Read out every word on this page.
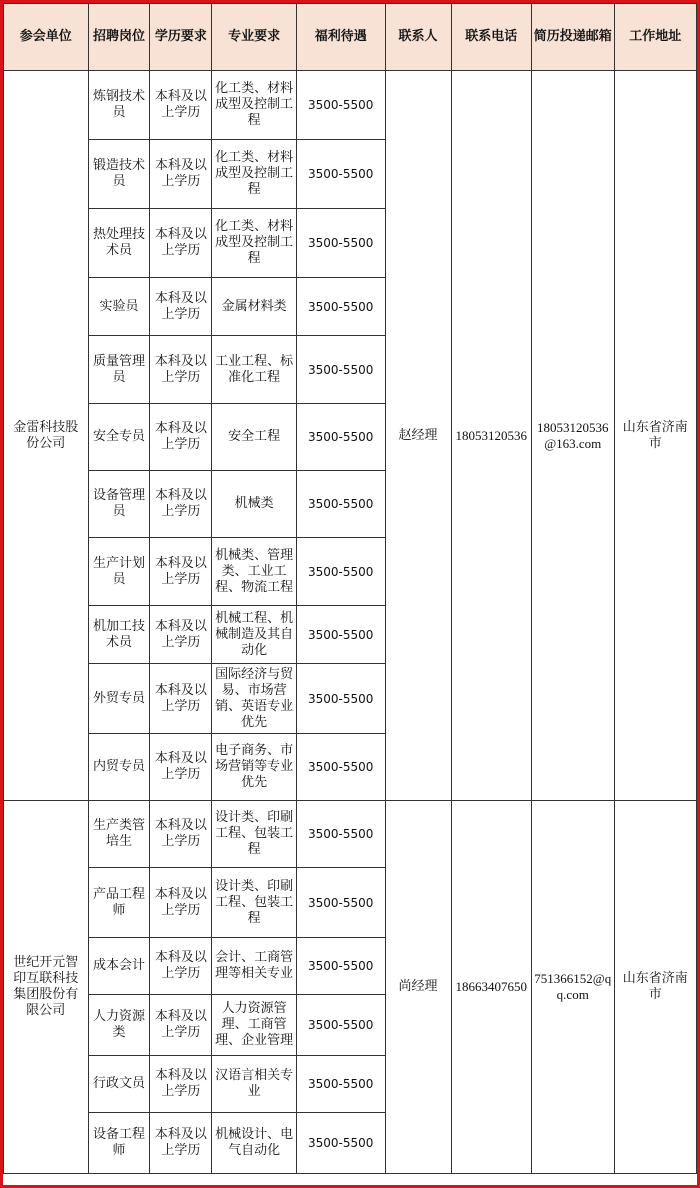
参会单位	招聘岗位	学历要求	专业要求	福利待遇	联系人	联系电话	简历投递邮箱	工作地址
金雷科技股份公司	炼钢技术员	本科及以上学历	化工类、材料成型及控制工程	3500-5500	赵经理	18053120536	18053120536@163.com	山东省济南市
	锻造技术员	本科及以上学历	化工类、材料成型及控制工程	3500-5500				
	热处理技术员	本科及以上学历	化工类、材料成型及控制工程	3500-5500				
	实验员	本科及以上学历	金属材料类	3500-5500				
	质量管理员	本科及以上学历	工业工程、标准化工程	3500-5500				
	安全专员	本科及以上学历	安全工程	3500-5500				
	设备管理员	本科及以上学历	机械类	3500-5500				
	生产计划员	本科及以上学历	机械类、管理类、工业工程、物流工程	3500-5500				
	机加工技术员	本科及以上学历	机械工程、机械制造及其自动化	3500-5500				
	外贸专员	本科及以上学历	国际经济与贸易、市场营销、英语专业优先	3500-5500				
	内贸专员	本科及以上学历	电子商务、市场营销等专业优先	3500-5500				
世纪开元智印互联科技集团股份有限公司	生产类管培生	本科及以上学历	设计类、印刷工程、包装工程	3500-5500	尚经理	18663407650	751366152@qq.com	山东省济南市
	产品工程师	本科及以上学历	设计类、印刷工程、包装工程	3500-5500				
	成本会计	本科及以上学历	会计、工商管理等相关专业	3500-5500				
	人力资源类	本科及以上学历	人力资源管理、工商管理、企业管理	3500-5500				
	行政文员	本科及以上学历	汉语言相关专业	3500-5500				
	设备工程师	本科及以上学历	机械设计、电气自动化	3500-5500				
